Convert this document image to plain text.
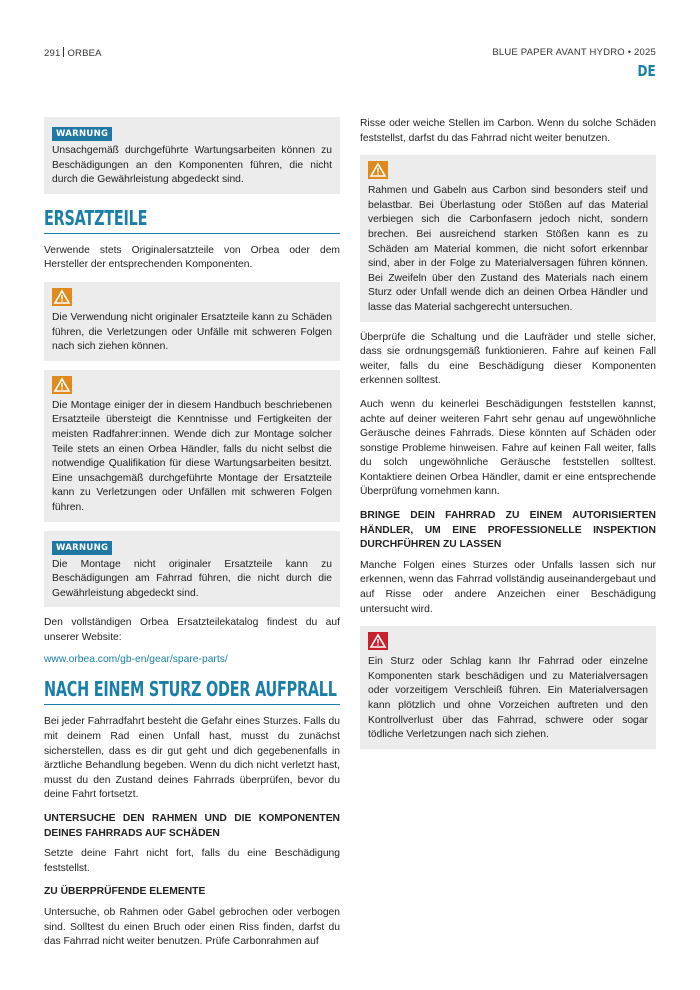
291 ORBEA	BLUE PAPER AVANT HYDRO • 2025
DE
WARNUNG

Unsachgemäß durchgeführte Wartungsarbeiten können zu Beschädigungen an den Komponenten führen, die nicht durch die Gewährleistung abgedeckt sind.

ERSATZTEILE

Verwende stets Originalersatzteile von Orbea oder dem Hersteller der entsprechenden Komponenten.

Die Verwendung nicht originaler Ersatzteile kann zu Schäden führen, die Verletzungen oder Unfälle mit schweren Folgen nach sich ziehen können.

Die Montage einiger der in diesem Handbuch beschriebenen Ersatzteile übersteigt die Kenntnisse und Fertigkeiten der meisten Radfahrer:innen. Wende dich zur Montage solcher Teile stets an einen Orbea Händler, falls du nicht selbst die notwendige Qualifikation für diese Wartungsarbeiten besitzt. Eine unsachgemäß durchgeführte Montage der Ersatzteile kann zu Verletzungen oder Unfällen mit schweren Folgen führen.

WARNUNG

Die Montage nicht originaler Ersatzteile kann zu Beschädigungen am Fahrrad führen, die nicht durch die Gewährleistung abgedeckt sind.

Den vollständigen Orbea Ersatzteilekatalog findest du auf unserer Website:

www.orbea.com/gb-en/gear/spare-parts/
NACH EINEM STURZ ODER AUFPRALL

Bei jeder Fahrradfahrt besteht die Gefahr eines Sturzes. Falls du mit deinem Rad einen Unfall hast, musst du zunächst sicherstellen, dass es dir gut geht und dich gegebenenfalls in ärztliche Behandlung begeben. Wenn du dich nicht verletzt hast, musst du den Zustand deines Fahrrads überprüfen, bevor du deine Fahrt fortsetzt.

UNTERSUCHE DEN RAHMEN UND DIE KOMPONENTEN DEINES FAHRRADS AUF SCHÄDEN

Setzte deine Fahrt nicht fort, falls du eine Beschädigung feststellst.

ZU ÜBERPRÜFENDE ELEMENTE

Untersuche, ob Rahmen oder Gabel gebrochen oder verbogen sind. Solltest du einen Bruch oder einen Riss finden, darfst du das Fahrrad nicht weiter benutzen. Prüfe Carbonrahmen auf

Risse oder weiche Stellen im Carbon. Wenn du solche Schäden feststellst, darfst du das Fahrrad nicht weiter benutzen.

Rahmen und Gabeln aus Carbon sind besonders steif und belastbar. Bei Überlastung oder Stößen auf das Material verbiegen sich die Carbonfasern jedoch nicht, sondern brechen. Bei ausreichend starken Stößen kann es zu Schäden am Material kommen, die nicht sofort erkennbar sind, aber in der Folge zu Materialversagen führen können. Bei Zweifeln über den Zustand des Materials nach einem Sturz oder Unfall wende dich an deinen Orbea Händler und lasse das Material sachgerecht untersuchen.

Überprüfe die Schaltung und die Laufräder und stelle sicher, dass sie ordnungsgemäß funktionieren. Fahre auf keinen Fall weiter, falls du eine Beschädigung dieser Komponenten erkennen solltest.

Auch wenn du keinerlei Beschädigungen feststellen kannst, achte auf deiner weiteren Fahrt sehr genau auf ungewöhnliche Geräusche deines Fahrrads. Diese könnten auf Schäden oder sonstige Probleme hinweisen. Fahre auf keinen Fall weiter, falls du solch ungewöhnliche Geräusche feststellen solltest. Kontaktiere deinen Orbea Händler, damit er eine entsprechende Überprüfung vornehmen kann.

BRINGE DEIN FAHRRAD ZU EINEM AUTORISIERTEN HÄNDLER, UM EINE PROFESSIONELLE INSPEKTION DURCHFÜHREN ZU LASSEN

Manche Folgen eines Sturzes oder Unfalls lassen sich nur erkennen, wenn das Fahrrad vollständig auseinandergebaut und auf Risse oder andere Anzeichen einer Beschädigung untersucht wird.

Ein Sturz oder Schlag kann Ihr Fahrrad oder einzelne Komponenten stark beschädigen und zu Materialversagen oder vorzeitigem Verschleiß führen. Ein Materialversagen kann plötzlich und ohne Vorzeichen auftreten und den Kontrollverlust über das Fahrrad, schwere oder sogar tödliche Verletzungen nach sich ziehen.
